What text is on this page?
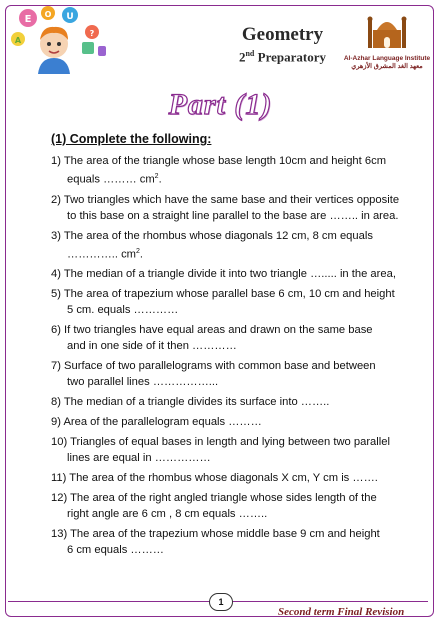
E O U
A
?	Geometry
2nd Preparatory	Al-Azhar Language Institute
معهد الغد المشرق الأزهري
Part (1)
(1) Complete the following:
1) The area of the triangle whose base length 10cm and height 6cm
equals ……… $cm^2$.
2) Two triangles which have the same base and their vertices opposite
to this base on a straight line parallel to the base are …….. in area.
3) The area of the rhombus whose diagonals 12 cm, 8 cm equals
………….. $cm^2$.
4) The median of a triangle divide it into two triangle …..... in the area,
5) The area of trapezium whose parallel base 6 cm, 10 cm and height
5 cm. equals …………
6) If two triangles have equal areas and drawn on the same base
and in one side of it then …………
7) Surface of two parallelograms with common base and between
two parallel lines ……………...
8) The median of a triangle divides its surface into ……..
9) Area of the parallelogram equals ………
10) Triangles of equal bases in length and lying between two parallel
lines are equal in ……………
11) The area of the rhombus whose diagonals X cm, Y cm is …….
12) The area of the right angled triangle whose sides length of the
right angle are 6 cm , 8 cm equals ……..
13) The area of the trapezium whose middle base 9 cm and height
6 cm equals ………
1
Second term Final Revision
